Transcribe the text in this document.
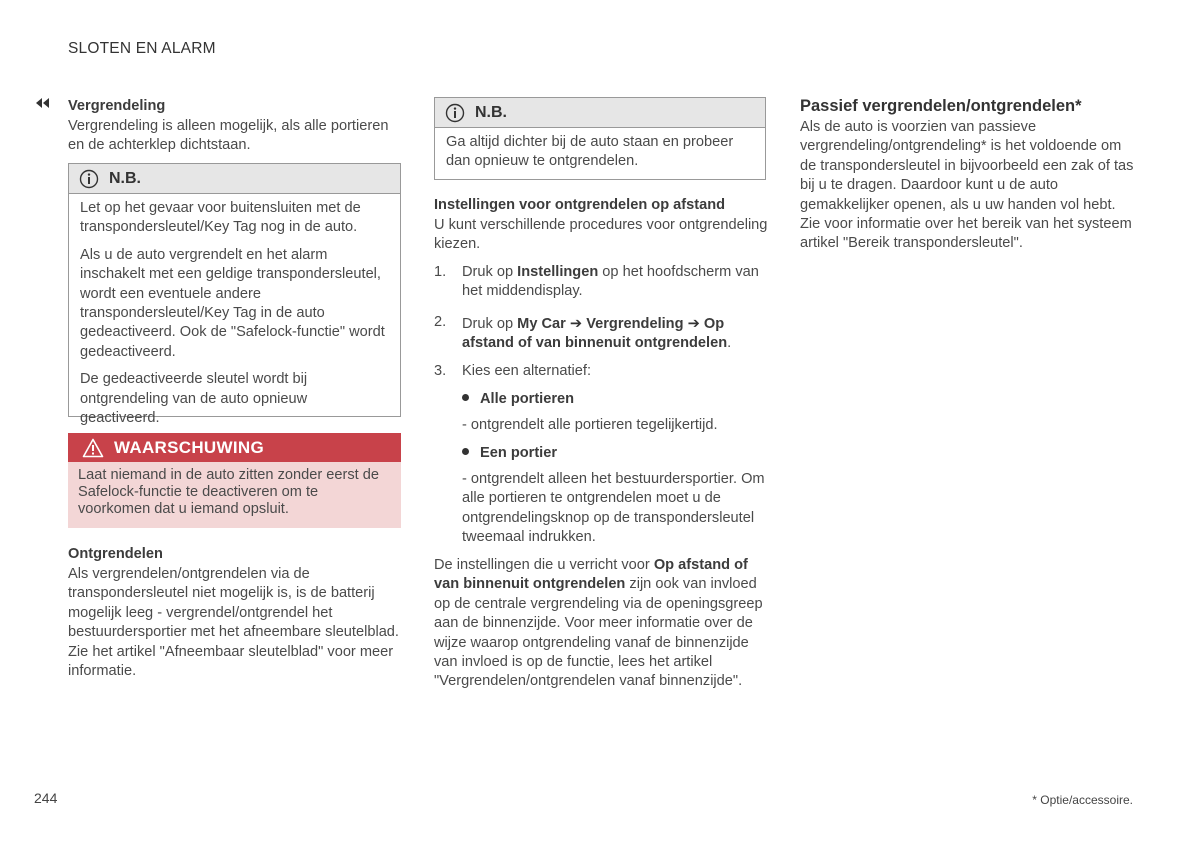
SLOTEN EN ALARM
Vergrendeling
Vergrendeling is alleen mogelijk, als alle portieren en de achterklep dichtstaan.
N.B.

Let op het gevaar voor buitensluiten met de transpondersleutel/Key Tag nog in de auto.

Als u de auto vergrendelt en het alarm inschakelt met een geldige transpondersleutel, wordt een eventuele andere transpondersleutel/Key Tag in de auto gedeactiveerd. Ook de "Safelock-functie" wordt gedeactiveerd.

De gedeactiveerde sleutel wordt bij ontgrendeling van de auto opnieuw geactiveerd.

WAARSCHUWING

Laat niemand in de auto zitten zonder eerst de Safelock-functie te deactiveren om te voorkomen dat u iemand opsluit.

Ontgrendelen
Als vergrendelen/ontgrendelen via de transpondersleutel niet mogelijk is, is de batterij mogelijk leeg - vergrendel/ontgrendel het bestuurdersportier met het afneembare sleutelblad. Zie het artikel "Afneembaar sleutelblad" voor meer informatie.
N.B.

Ga altijd dichter bij de auto staan en probeer dan opnieuw te ontgrendelen.

Instellingen voor ontgrendelen op afstand
U kunt verschillende procedures voor ontgrendeling kiezen.
1. Druk op Instellingen op het hoofdscherm van het middendisplay.

2. Druk op My Car ➔ Vergrendeling ➔ Op afstand of van binnenuit ontgrendelen.

3. Kies een alternatief:

Alle portieren

- ontgrendelt alle portieren tegelijkertijd.

Een portier

- ontgrendelt alleen het bestuurdersportier. Om alle portieren te ontgrendelen moet u de ontgrendelingsknop op de transpondersleutel tweemaal indrukken.

De instellingen die u verricht voor Op afstand of van binnenuit ontgrendelen zijn ook van invloed op de centrale vergrendeling via de openingsgreep aan de binnenzijde. Voor meer informatie over de wijze waarop ontgrendeling vanaf de binnenzijde van invloed is op de functie, lees het artikel "Vergrendelen/ontgrendelen vanaf binnenzijde".

Passief vergrendelen/ontgrendelen*
Als de auto is voorzien van passieve vergrendeling/ontgrendeling* is het voldoende om de transpondersleutel in bijvoorbeeld een zak of tas bij u te dragen. Daardoor kunt u de auto gemakkelijker openen, als u uw handen vol hebt. Zie voor informatie over het bereik van het systeem artikel "Bereik transpondersleutel".
244	* Optie/accessoire.
